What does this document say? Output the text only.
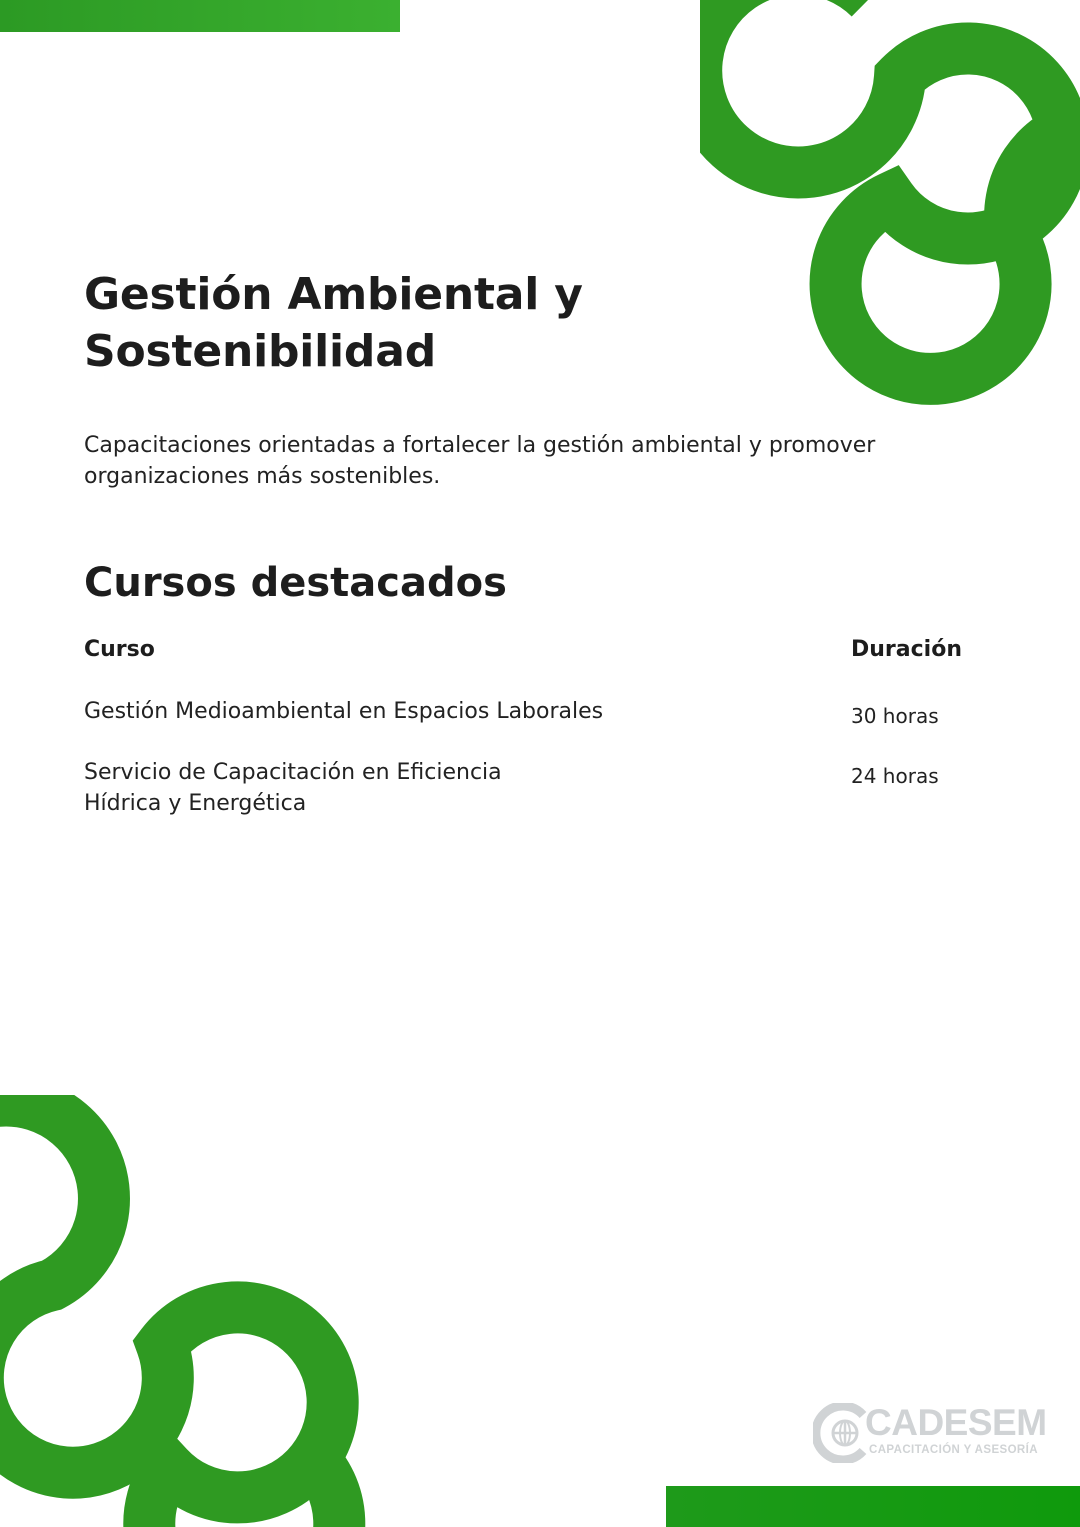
Gestión Ambiental y Sostenibilidad

Capacitaciones orientadas a fortalecer la gestión ambiental y promover organizaciones más sostenibles.

Cursos destacados
Curso	Duración
Gestión Medioambiental en Espacios Laborales	30 horas
Servicio de Capacitación en Eficiencia Hídrica y Energética
24 horas
CADESEM
CAPACITACIÓN Y ASESORÍA
